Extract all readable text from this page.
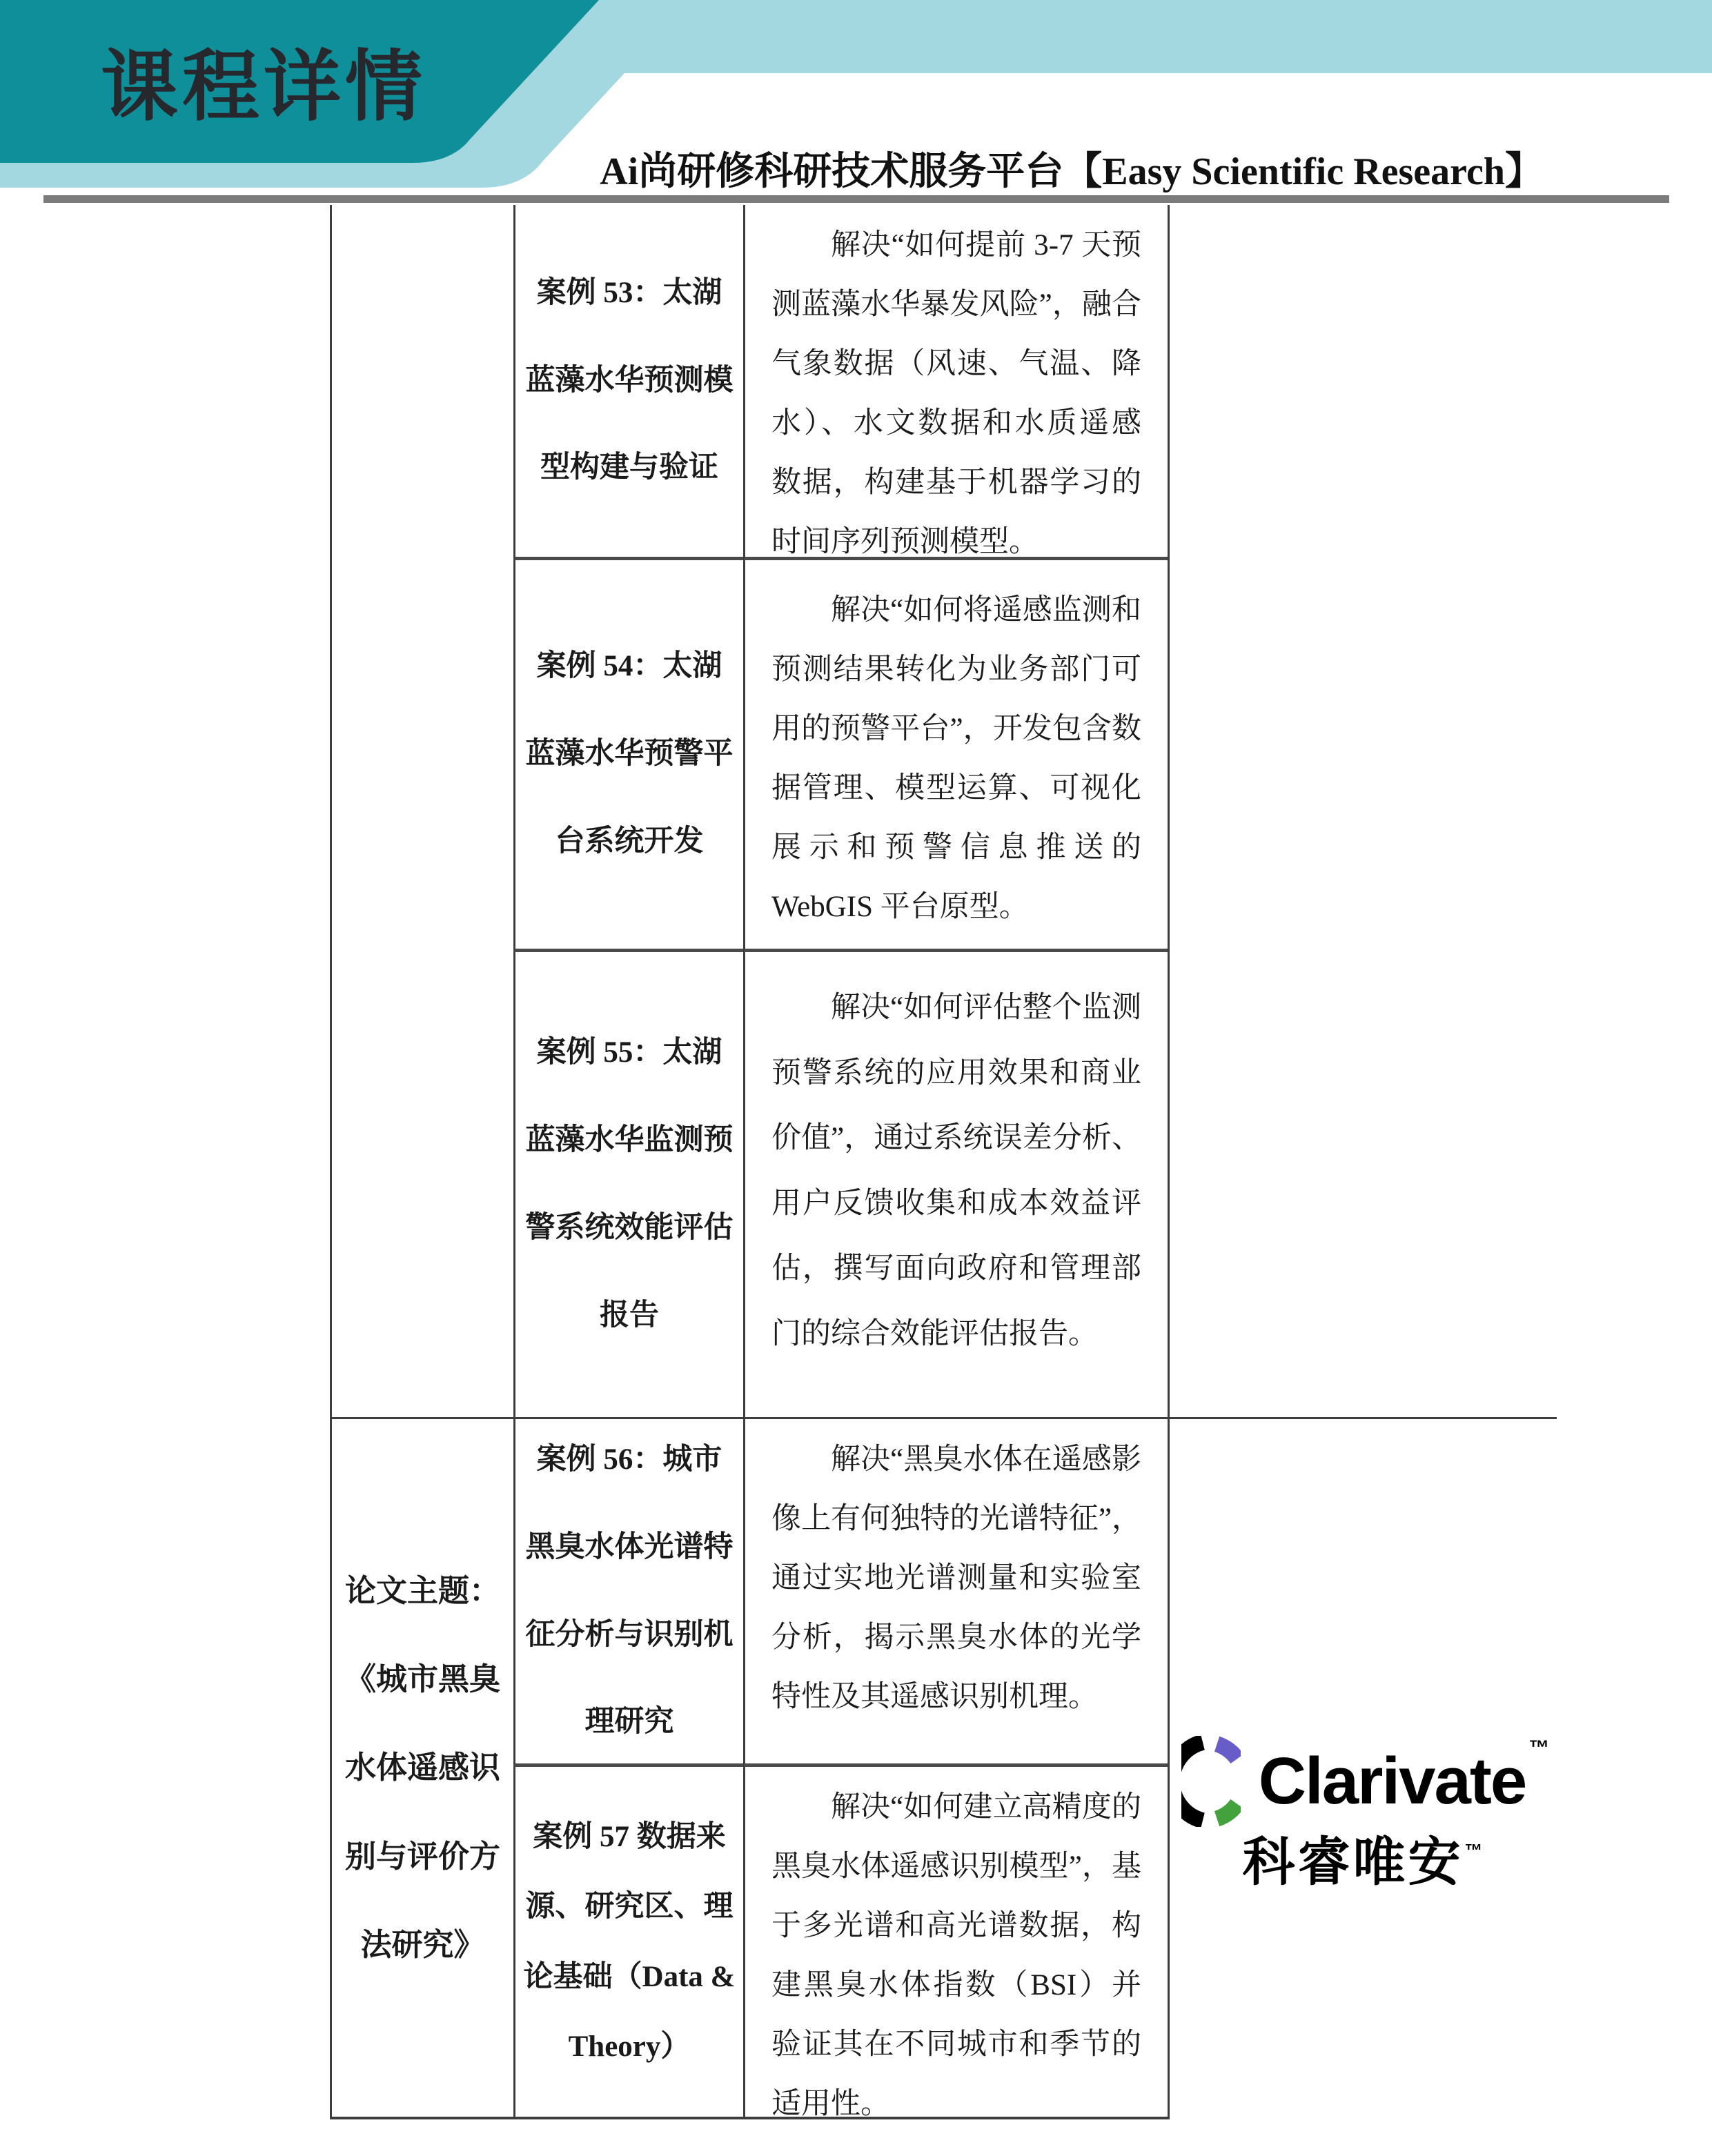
课程详情
Ai尚研修科研技术服务平台【Easy Scientific Research】
论文主题：《城市黑臭水体遥感识别与评价方法研究》
案例 53：太湖蓝藻水华预测模型构建与验证
案例 54：太湖蓝藻水华预警平台系统开发
案例 55：太湖蓝藻水华监测预警系统效能评估报告
案例 56：城市黑臭水体光谱特征分析与识别机理研究
案例 57 数据来源、研究区、理论基础（Data & Theory）

解决“如何提前 3-7 天预测蓝藻水华暴发风险”，融合气象数据（风速、气温、降水）、水文数据和水质遥感数据，构建基于机器学习的时间序列预测模型。

解决“如何将遥感监测和预测结果转化为业务部门可用的预警平台”，开发包含数据管理、模型运算、可视化展示和预警信息推送的 WebGIS 平台原型。

解决“如何评估整个监测预警系统的应用效果和商业价值”，通过系统误差分析、用户反馈收集和成本效益评估，撰写面向政府和管理部门的综合效能评估报告。

解决“黑臭水体在遥感影像上有何独特的光谱特征”，通过实地光谱测量和实验室分析，揭示黑臭水体的光学特性及其遥感识别机理。

解决“如何建立高精度的黑臭水体遥感识别模型”，基于多光谱和高光谱数据，构建黑臭水体指数（BSI）并验证其在不同城市和季节的适用性。

Clarivate ™
科睿唯安™
